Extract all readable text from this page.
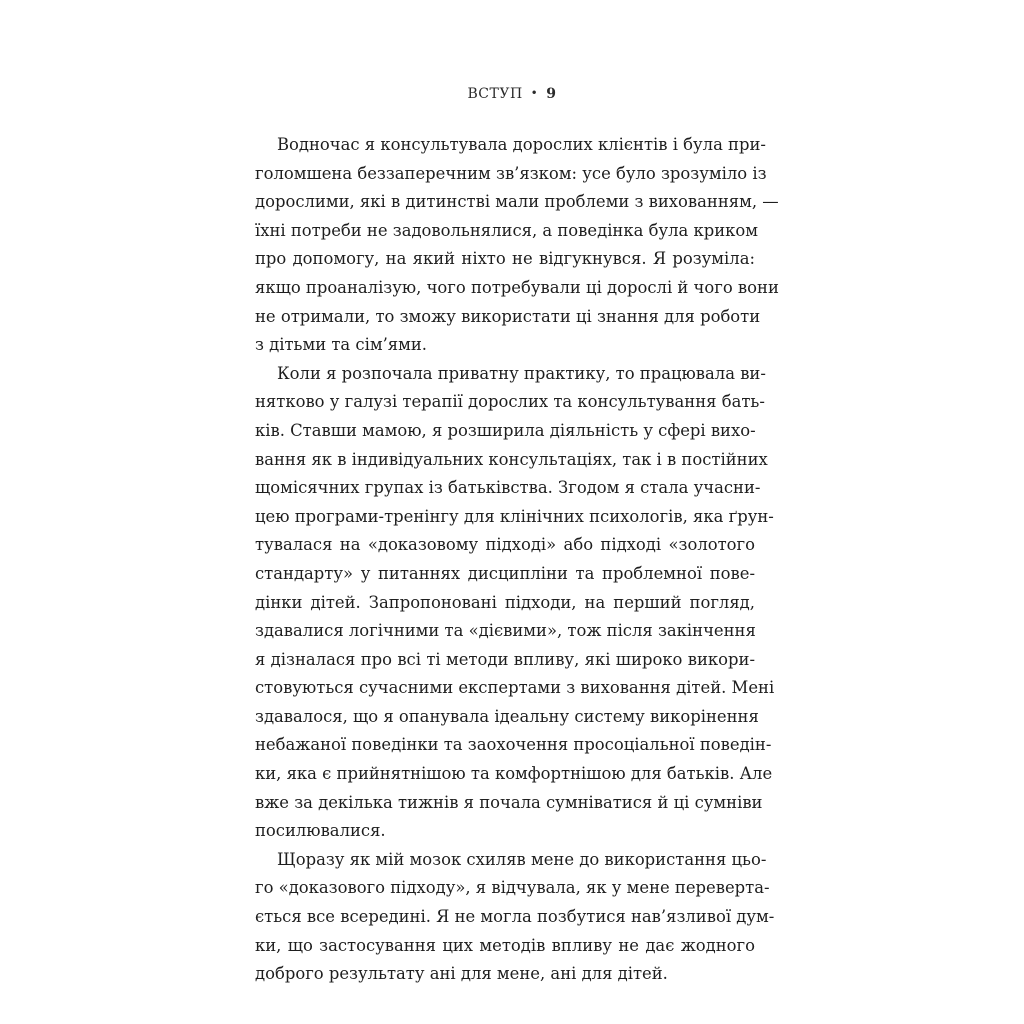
ВСТУП • 9
Водночас я консультувала дорослих клієнтів і була при-
голомшена беззаперечним зв’язком: усе було зрозуміло із
дорослими, які в дитинстві мали проблеми з вихованням, —
їхні потреби не задовольнялися, а поведінка була криком
про допомогу, на який ніхто не відгукнувся. Я розуміла:
якщо проаналізую, чого потребували ці дорослі й чого вони
не отримали, то зможу використати ці знання для роботи
з дітьми та сім’ями.
Коли я розпочала приватну практику, то працювала ви-
нятково у галузі терапії дорослих та консультування бать-
ків. Ставши мамою, я розширила діяльність у сфері вихо-
вання як в індивідуальних консультаціях, так і в постійних
щомісячних групах із батьківства. Згодом я стала учасни-
цею програми-тренінгу для клінічних психологів, яка ґрун-
тувалася на «доказовому підході» або підході «золотого
стандарту» у питаннях дисципліни та проблемної пове-
дінки дітей. Запропоновані підходи, на перший погляд,
здавалися логічними та «дієвими», тож після закінчення
я дізналася про всі ті методи впливу, які широко викори-
стовуються сучасними експертами з виховання дітей. Мені
здавалося, що я опанувала ідеальну систему викорінення
небажаної поведінки та заохочення просоціальної поведін-
ки, яка є прийнятнішою та комфортнішою для батьків. Але
вже за декілька тижнів я почала сумніватися й ці сумніви
посилювалися.
Щоразу як мій мозок схиляв мене до використання цьо-
го «доказового підходу», я відчувала, як у мене переверта-
ється все всередині. Я не могла позбутися нав’язливої дум-
ки, що застосування цих методів впливу не дає жодного
доброго результату ані для мене, ані для дітей.
